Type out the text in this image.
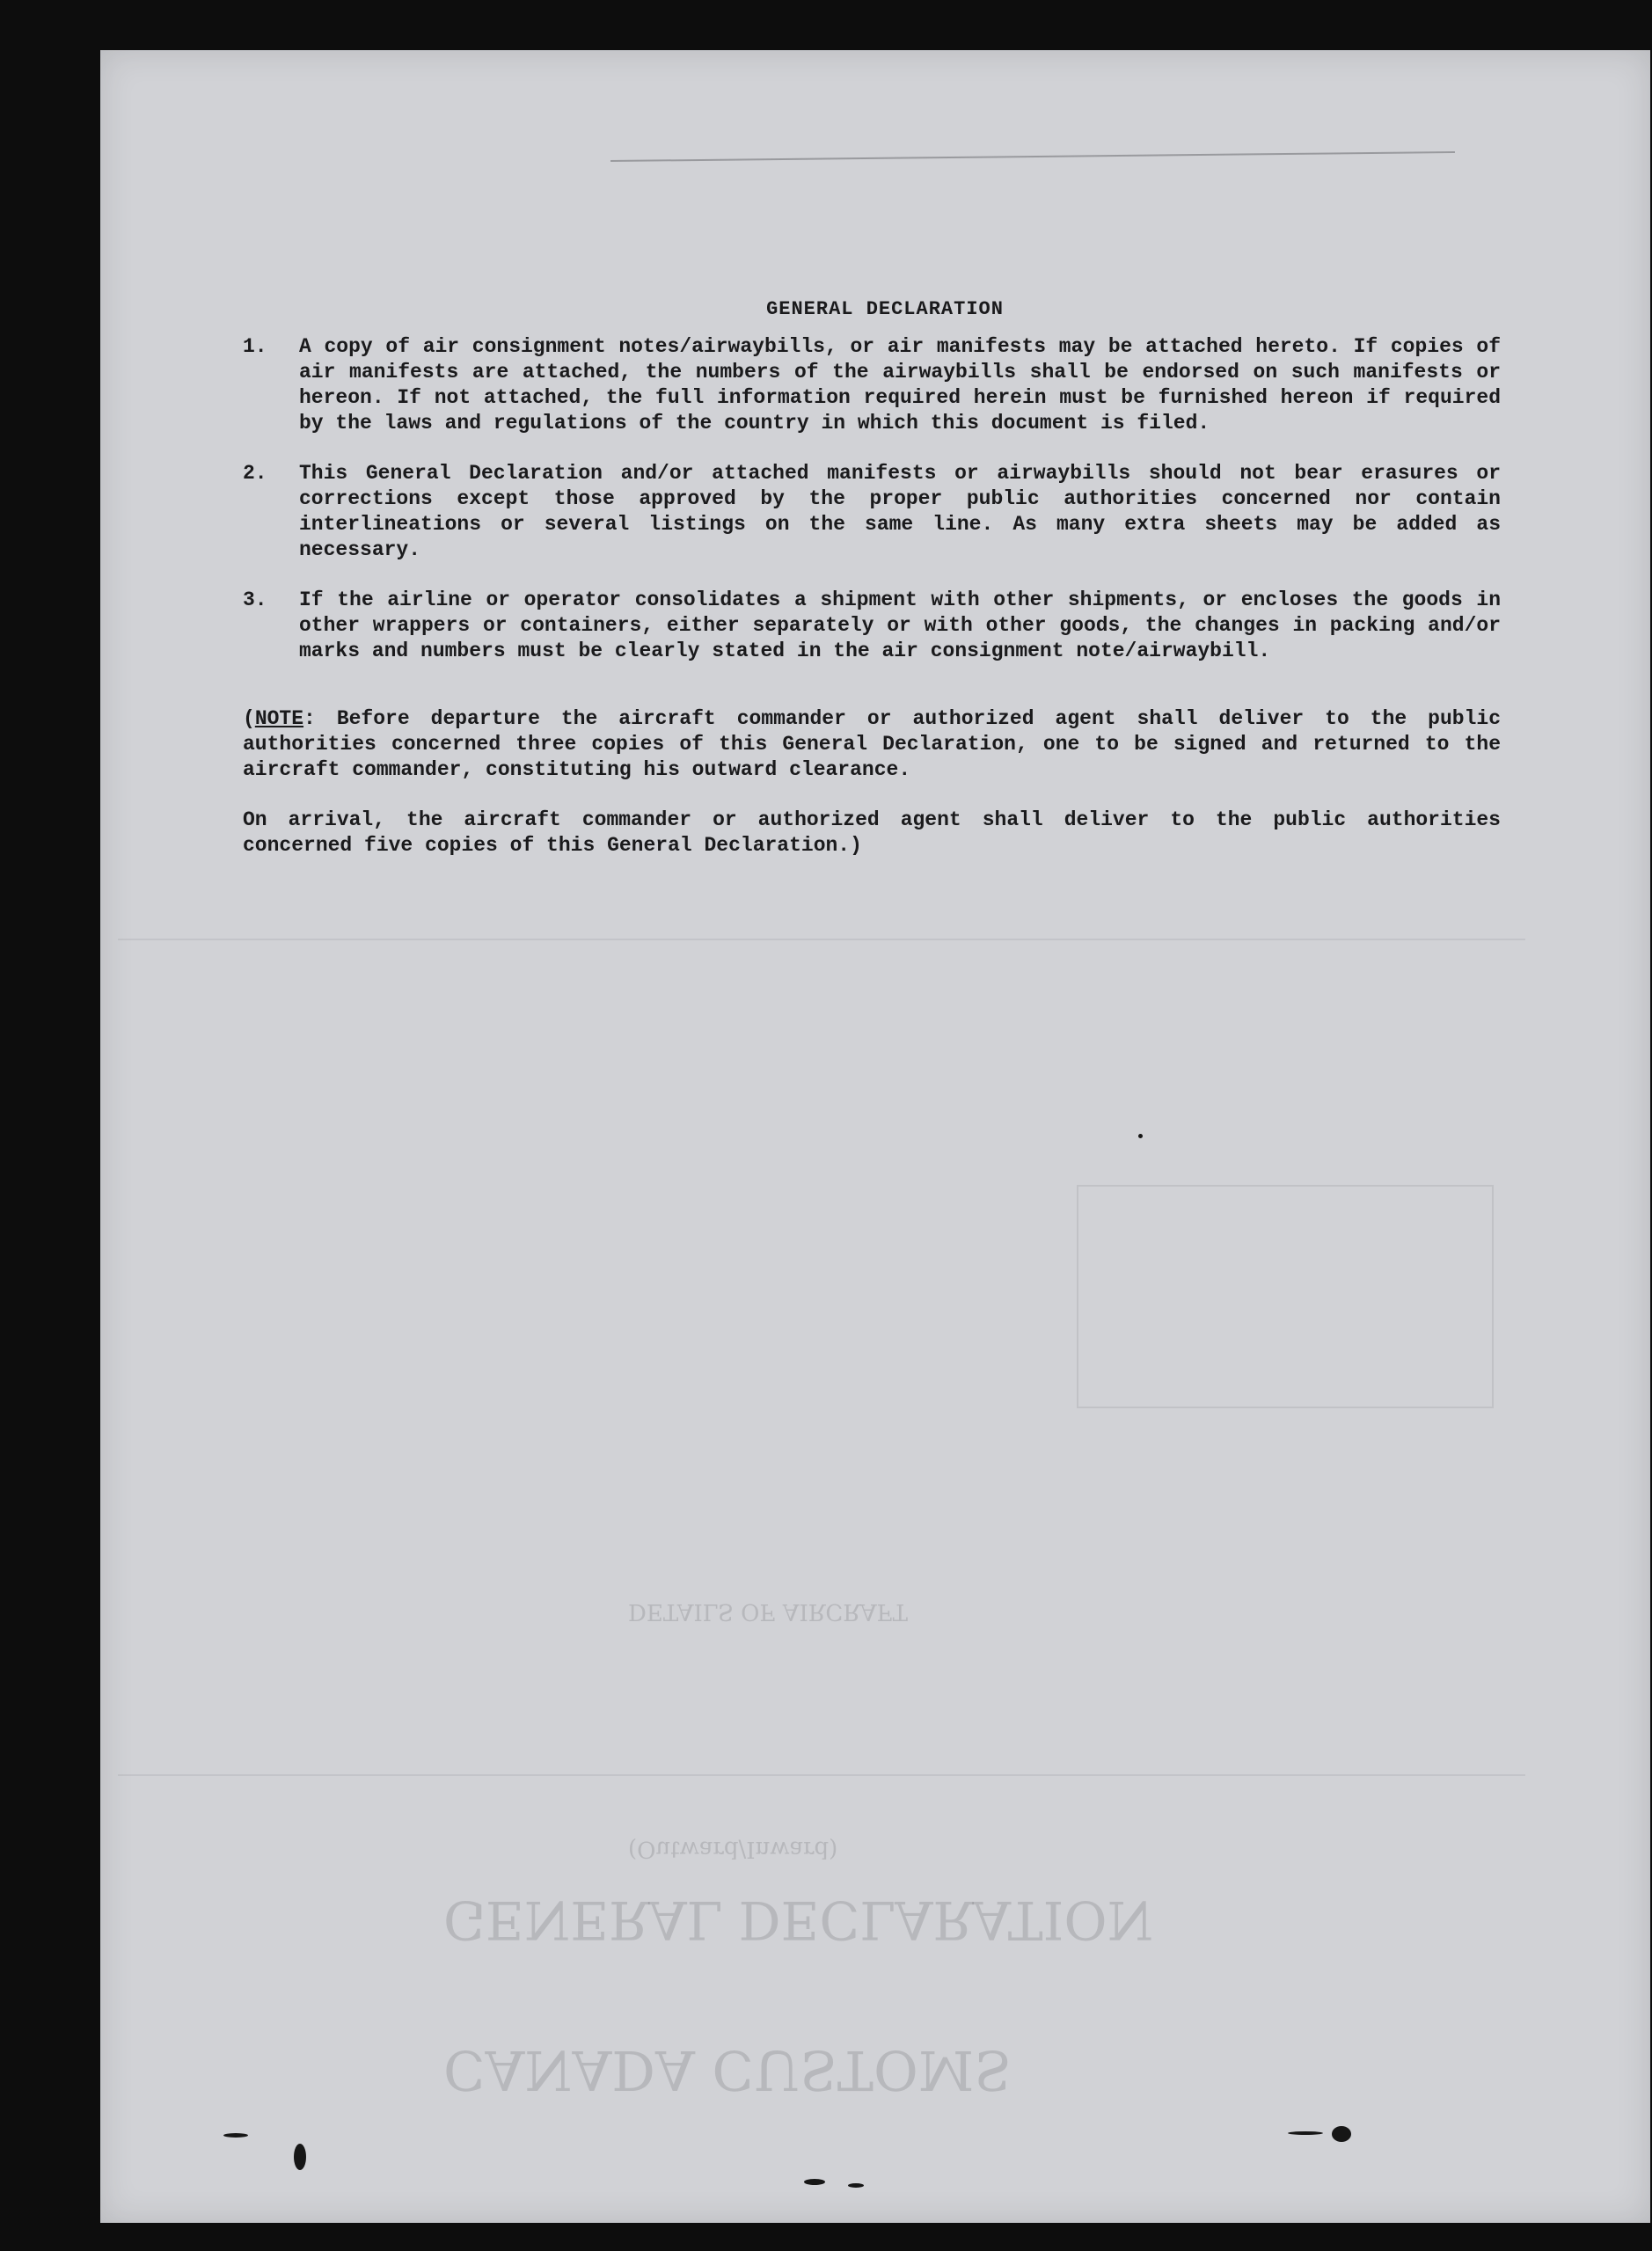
CANADA CUSTOMS
GENERAL DECLARATION
(Outward/Inward)
DETAILS OF AIRCRAFT
GENERAL DECLARATION
1. A copy of air consignment notes/airwaybills, or air manifests may be attached hereto. If copies of air manifests are attached, the numbers of the airwaybills shall be endorsed on such manifests or hereon. If not attached, the full information required herein must be furnished hereon if required by the laws and regulations of the country in which this document is filed.
2. This General Declaration and/or attached manifests or airwaybills should not bear erasures or corrections except those approved by the proper public authorities concerned nor contain interlineations or several listings on the same line. As many extra sheets may be added as necessary.
3. If the airline or operator consolidates a shipment with other shipments, or encloses the goods in other wrappers or containers, either separately or with other goods, the changes in packing and/or marks and numbers must be clearly stated in the air consignment note/airwaybill.

(NOTE: Before departure the aircraft commander or authorized agent shall deliver to the public authorities concerned three copies of this General Declaration, one to be signed and returned to the aircraft commander, constituting his outward clearance.

On arrival, the aircraft commander or authorized agent shall deliver to the public authorities concerned five copies of this General Declaration.)
